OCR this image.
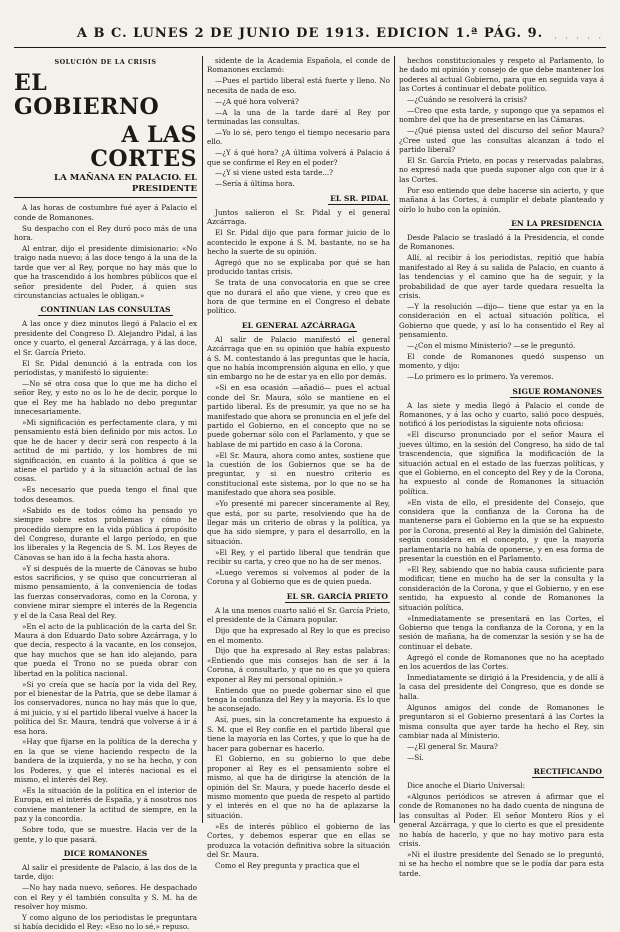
A B C. LUNES 2 DE JUNIO DE 1913. EDICION 1.ª PÁG. 9.	· · · · ·
SOLUCIÓN DE LA CRISIS
EL GOBIERNO
A LAS CORTES
LA MAÑANA EN PALACIO. EL PRESIDENTE

A las horas de costumbre fué ayer á Palacio el conde de Romanones.

Su despacho con el Rey duró poco más de una hora.

Al entrar, dijo el presidente dimisionario: «No traigo nada nuevo; á las doce tengo á la una de la tarde que ver al Rey, porque no hay más que lo que ha trascendido á los hombres públicos que el señor presidente del Poder, á quien sus circunstancias actuales le obligan.»

CONTINUAN LAS CONSULTAS

A las once y diez minutos llegó á Palacio el ex presidente del Congreso D. Alejandro Pidal, á las once y cuarto, el general Azcárraga, y á las doce, el Sr. García Prieto.

El Sr. Pidal denunció á la entrada con los periodistas, y manifestó lo siguiente:

—No sé otra cosa que lo que me ha dicho el señor Rey, y esto no os lo he de decir, porque lo que el Rey me ha hablado no debo preguntar innecesariamente.

»Mi significación es perfectamente clara, y mi pensamiento está bien definido por mis actos. Lo que he de hacer y decir será con respecto á la actitud de mi partido, y los hombres de mi significación, en cuanto á la política á que se atiene el partido y á la situación actual de las cosas.

»Es necesario que pueda tengo el final que todos deseamos.

»Sabido es de todos cómo ha pensado yo siempre sobre estos problemas y cómo he procedido siempre en la vida pública á propósito del Congreso, durante el largo período, en que los liberales y la Regencia de S. M. Los Reyes de Cánovas se han ido á la fecha hasta ahora.

»Y si después de la muerte de Cánovas se hubo estos sacrificios, y se quiso que concurrieran al mismo pensamiento, á la conveniencia de todas las fuerzas conservadoras, como en la Corona, y conviene mirar siempre el interés de la Regencia y el de la Casa Real del Rey.

»En el acto de la publicación de la carta del Sr. Maura á don Eduardo Dato sobre Azcárraga, y lo que decía, respecto á la vacante, en los consejos, que hay muchos que se han ido alejando, para que pueda el Trono no se pueda obrar con libertad en la política nacional.

»Si yo creía que se hacía por la vida del Rey, por el bienestar de la Patria, que se debe llamar á los conservadores, nunca no hay más que lo que, á mi juicio, y si el partido liberal vuelve á hacer la política del Sr. Maura, tendrá que volverse á ir á esa hora.

»Hay que fijarse en la política de la derecha y en la que se viene haciendo respecto de la bandera de la izquierda, y no se ha hecho, y con los Poderes, y que el interés nacional es el mismo, el interés del Rey.

»Es la situación de la política en el interior de Europa, en el interés de España, y á nosotros nos conviene mantener la actitud de siempre, en la paz y la concordia.

Sobre todo, que se muestre. Hacia ver de la gente, y lo que pasará.

DICE ROMANONES

Al salir el presidente de Palacio, á las dos de la tarde, dijo:

—No hay nada nuevo, señores. He despachado con el Rey y él también consulta y S. M. ha de resolver hoy mismo.

Y como alguno de los periodistas le preguntara si había decidido el Rey: «Eso no lo sé,» repuso.

sidente de la Academia Española, el conde de Romanones exclamó:

—Pues el partido liberal está fuerte y lleno. No necesita de nada de eso.

—¿A qué hora volverá?

—A la una de la tarde daré al Rey por terminadas las consultas.

—Yo lo sé, pero tengo el tiempo necesario para ello.

—¿Y á qué hora? ¿A última volverá á Palacio á que se confirme el Rey en el poder?

—¿Y si viene usted esta tarde...?

—Sería á última hora.

EL SR. PIDAL

Juntos salieron el Sr. Pidal y el general Azcárraga.

El Sr. Pidal dijo que para formar juicio de lo acontecido le expone á S. M. bastante, no se ha hecho la suerte de su opinión.

Agregó que no se explicaba por qué se han producido tantas crisis.

Se trata de una convocatoria en que se cree que no durará el año que viene, y creo que es hora de que termine en el Congreso el debate político.

EL GENERAL AZCÁRRAGA

Al salir de Palacio manifestó el general Azcárraga que en su opinión que había expuesto á S. M. contestando á las preguntas que le hacía, que no había incomprensión alguna en ello, y que sin embargo no he de estar ya en ello por demás.

»Si en esa ocasión —añadió— pues el actual conde del Sr. Maura, sólo se mantiene en el partido liberal. Es de presumir, ya que no se ha manifestado que ahora se pronuncia en el jefe del partido el Gobierno, en el concepto que no se puede gobernar sólo con el Parlamento, y que se hablase de mi partido en caso á la Corona.

»El Sr. Maura, ahora como antes, sostiene que la cuestión de los Gobiernos que se ha de preguntar, y si en nuestro criterio es constitucional este sistema, por lo que no se ha manifestado que ahora sea posible.

»Yo presenté mi parecer sinceramente al Rey, que está, por su parte, resolviendo que ha de llegar más un criterio de obras y la política, ya que ha sido siempre, y para el desarrollo, en la situación.

»El Rey, y el partido liberal que tendrán que recibir su carta, y creo que no ha de ser menos.

»Luego veremos si volvemos al poder de la Corona y al Gobierno que es de quien pueda.

EL SR. GARCÍA PRIETO

A la una menos cuarto salió el Sr. García Prieto, el presidente de la Cámara popular.

Dijo que ha expresado al Rey lo que es preciso en el momento.

Dijo que ha expresado al Rey estas palabras: «Entiendo que mis consejos han de ser á la Corona, á consultarlo, y que no es que yo quiera exponer al Rey mi personal opinión.»

Entiendo que no puede gobernar sino el que tenga la confianza del Rey y la mayoría. Es lo que he aconsejado.

Así, pues, sin la concretamente ha expuesto á S. M. que el Rey confíe en el partido liberal que tiene la mayoría en las Cortes, y que lo que ha de hacer para gobernar es hacerlo.

El Gobierno, en su gobierno lo que debe proponer al Rey es el pensamiento sobre el mismo, al que ha de dirigirse la atención de la opinión del Sr. Maura, y puede hacerlo desde el mismo momento que pueda de respeto al partido y el interés en el que no ha de aplazarse la situación.

»Es de interés público el gobierno de las Cortes, y debemos esperar que en ellas se produzca la votación definitiva sobre la situación del Sr. Maura.

Como el Rey pregunta y practica que el

hechos constitucionales y respeto al Parlamento, lo he dado mi opinión y consejo de que debe mantener los poderes al actual Gobierno, para que en seguida vaya á las Cortes á continuar el debate político.

—¿Cuándo se resolverá la crisis?

—Creo que esta tarde, y supongo que ya sepamos el nombre del que ha de presentarse en las Cámaras.

—¿Qué piensa usted del discurso del señor Maura? ¿Cree usted que las consultas alcanzan á todo el partido liberal?

El Sr. García Prieto, en pocas y reservadas palabras, no expresó nada que pueda suponer algo con que ir á las Cortes.

Por eso entiendo que debe hacerse sin acierto, y que mañana á las Cortes, á cumplir el debate planteado y oírlo lo hubo con la opinión.

EN LA PRESIDENCIA

Desde Palacio se trasladó á la Presidencia, el conde de Romanones.

Allí, al recibir á los periodistas, repitió que había manifestado al Rey á su salida de Palacio, en cuanto á las tendencias y el camino que ha de seguir, y la probabilidad de que ayer tarde quedara resuelta la crisis.

—Y la resolución —dijo— tiene que estar ya en la consideración en el actual situación política, el Gobierno que quede, y así lo ha consentido el Rey al pensamiento.

—¿Con el mismo Ministerio? —se le preguntó.

El conde de Romanones quedó suspenso un momento, y dijo:

—Lo primero es lo primero. Ya veremos.

SIGUE ROMANONES

A las siete y media llegó á Palacio el conde de Romanones, y á las ocho y cuarto, salió poco después, notificó á los periodistas la siguiente nota oficiosa:

«El discurso pronunciado por el señor Maura el jueves último, en la sesión del Congreso, ha sido de tal trascendencia, que significa la modificación de la situación actual en el estado de las fuerzas políticas, y que el Gobierno, en el concepto del Rey y de la Corona, ha expuesto al conde de Romanones la situación política.

»En vista de ello, el presidente del Consejo, que considera que la confianza de la Corona ha de mantenerse para el Gobierno en la que se ha expuesto por la Corona, presentó al Rey la dimisión del Gabinete, según considera en el concepto, y que la mayoría parlamentaria no había de oponerse, y en esa forma de presentar la cuestión en el Parlamento.

»El Rey, sabiendo que no había causa suficiente para modificar, tiene en mucho ha de ser la consulta y la consideración de la Corona, y que el Gobierno, y en ese sentido, ha expuesto al conde de Romanones la situación política.

»Inmediatamente se presentará en las Cortes, el Gobierno que tenga la confianza de la Corona, y en la sesión de mañana, ha de comenzar la sesión y se ha de continuar el debate.

Agregó el conde de Romanones que no ha aceptado en los acuerdos de las Cortes.

Inmediatamente se dirigió á la Presidencia, y de allí á la casa del presidente del Congreso, que es donde se halla.

Algunos amigos del conde de Romanones le preguntaron si el Gobierno presentará á las Cortes la misma consulta que ayer tarde ha hecho el Rey, sin cambiar nada al Ministerio.

—¿El general Sr. Maura?

—Sí.

RECTIFICANDO

Dice anoche el Diario Universal:

«Algunos periódicos se atreven á afirmar que el conde de Romanones no ha dado cuenta de ninguna de las consultas al Poder. El señor Montero Ríos y el general Azcárraga, y que lo cierto es que el presidente no había de hacerlo, y que no hay motivo para esta crisis.

»Ni el ilustre presidente del Senado se lo preguntó, ni se ha hecho el nombre que se le podía dar para esta tarde.
